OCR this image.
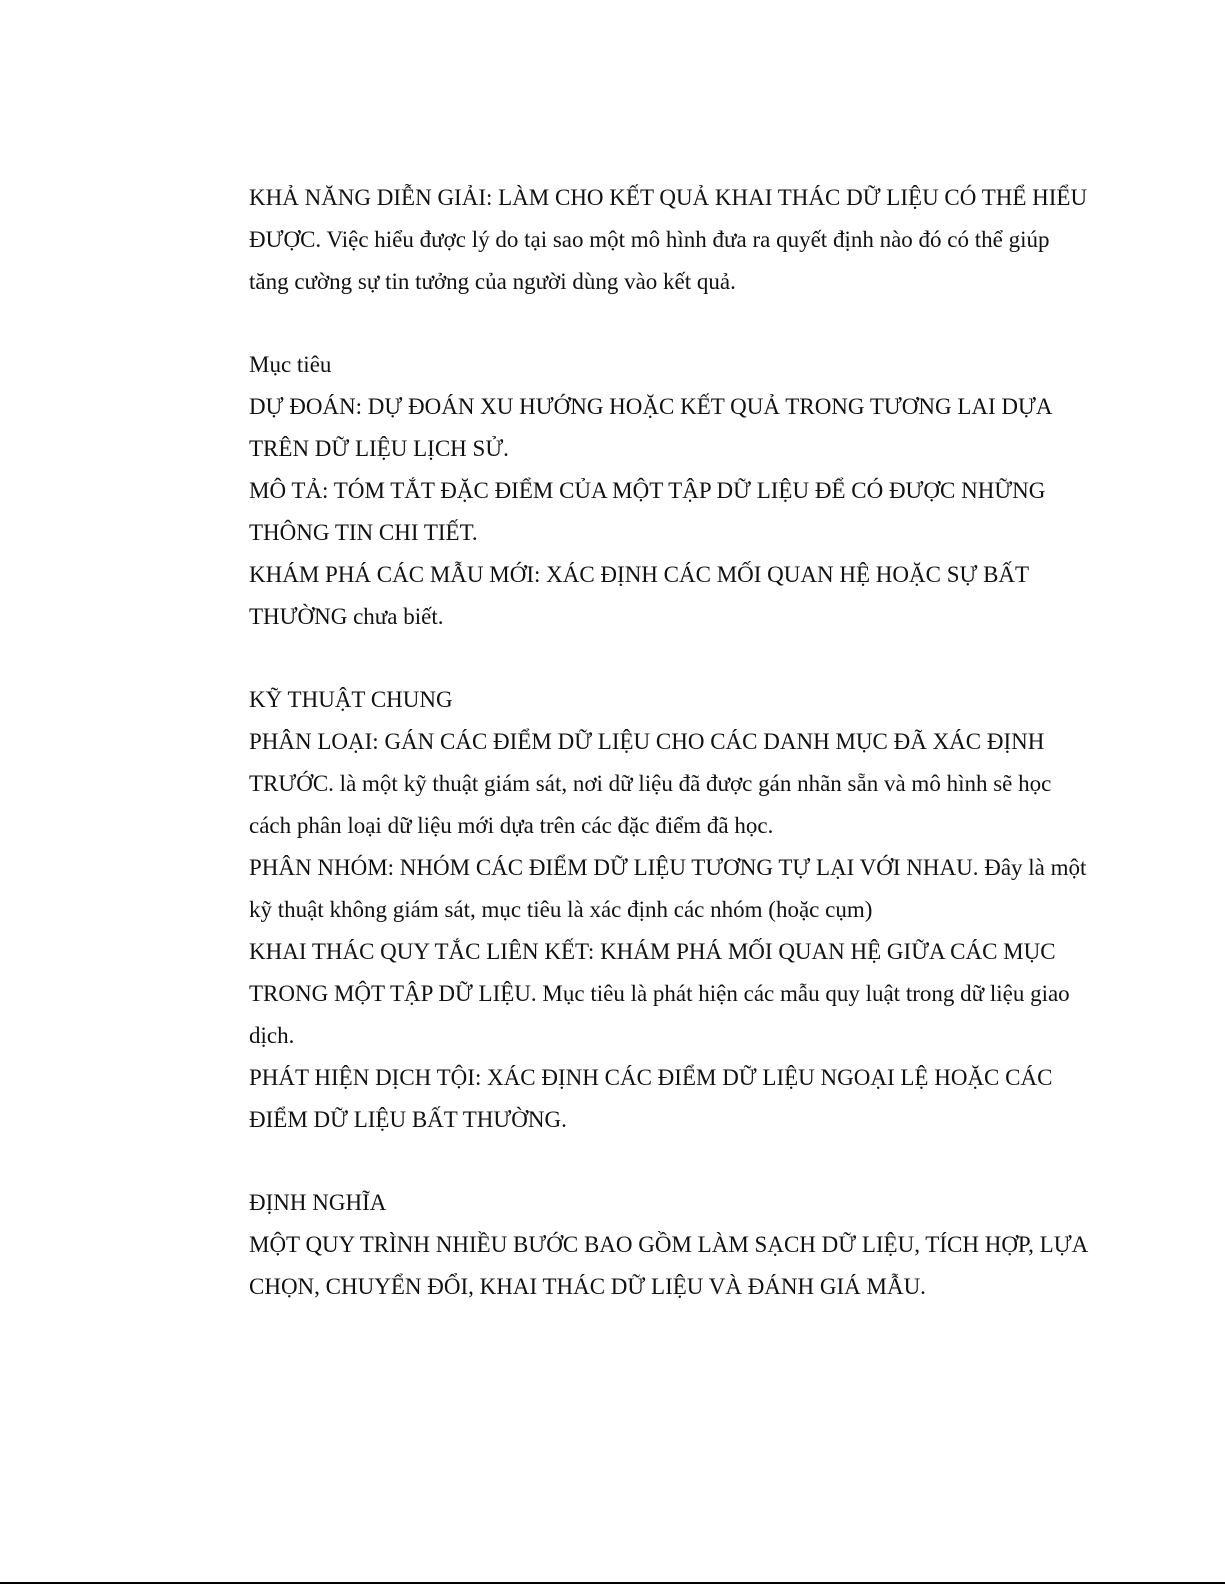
KHẢ NĂNG DIỄN GIẢI: LÀM CHO KẾT QUẢ KHAI THÁC DỮ LIỆU CÓ THỂ HIỂU ĐƯỢC. Việc hiểu được lý do tại sao một mô hình đưa ra quyết định nào đó có thể giúp tăng cường sự tin tưởng của người dùng vào kết quả.

Mục tiêu

DỰ ĐOÁN: DỰ ĐOÁN XU HƯỚNG HOẶC KẾT QUẢ TRONG TƯƠNG LAI DỰA TRÊN DỮ LIỆU LỊCH SỬ.

MÔ TẢ: TÓM TẮT ĐẶC ĐIỂM CỦA MỘT TẬP DỮ LIỆU ĐỂ CÓ ĐƯỢC NHỮNG THÔNG TIN CHI TIẾT.

KHÁM PHÁ CÁC MẪU MỚI: XÁC ĐỊNH CÁC MỐI QUAN HỆ HOẶC SỰ BẤT THƯỜNG chưa biết.

KỸ THUẬT CHUNG

PHÂN LOẠI: GÁN CÁC ĐIỂM DỮ LIỆU CHO CÁC DANH MỤC ĐÃ XÁC ĐỊNH TRƯỚC. là một kỹ thuật giám sát, nơi dữ liệu đã được gán nhãn sẵn và mô hình sẽ học cách phân loại dữ liệu mới dựa trên các đặc điểm đã học.

PHÂN NHÓM: NHÓM CÁC ĐIỂM DỮ LIỆU TƯƠNG TỰ LẠI VỚI NHAU. Đây là một kỹ thuật không giám sát, mục tiêu là xác định các nhóm (hoặc cụm)

KHAI THÁC QUY TẮC LIÊN KẾT: KHÁM PHÁ MỐI QUAN HỆ GIỮA CÁC MỤC TRONG MỘT TẬP DỮ LIỆU. Mục tiêu là phát hiện các mẫu quy luật trong dữ liệu giao dịch.

PHÁT HIỆN DỊCH TỘI: XÁC ĐỊNH CÁC ĐIỂM DỮ LIỆU NGOẠI LỆ HOẶC CÁC ĐIỂM DỮ LIỆU BẤT THƯỜNG.

ĐỊNH NGHĨA

MỘT QUY TRÌNH NHIỀU BƯỚC BAO GỒM LÀM SẠCH DỮ LIỆU, TÍCH HỢP, LỰA CHỌN, CHUYỂN ĐỔI, KHAI THÁC DỮ LIỆU VÀ ĐÁNH GIÁ MẪU.
